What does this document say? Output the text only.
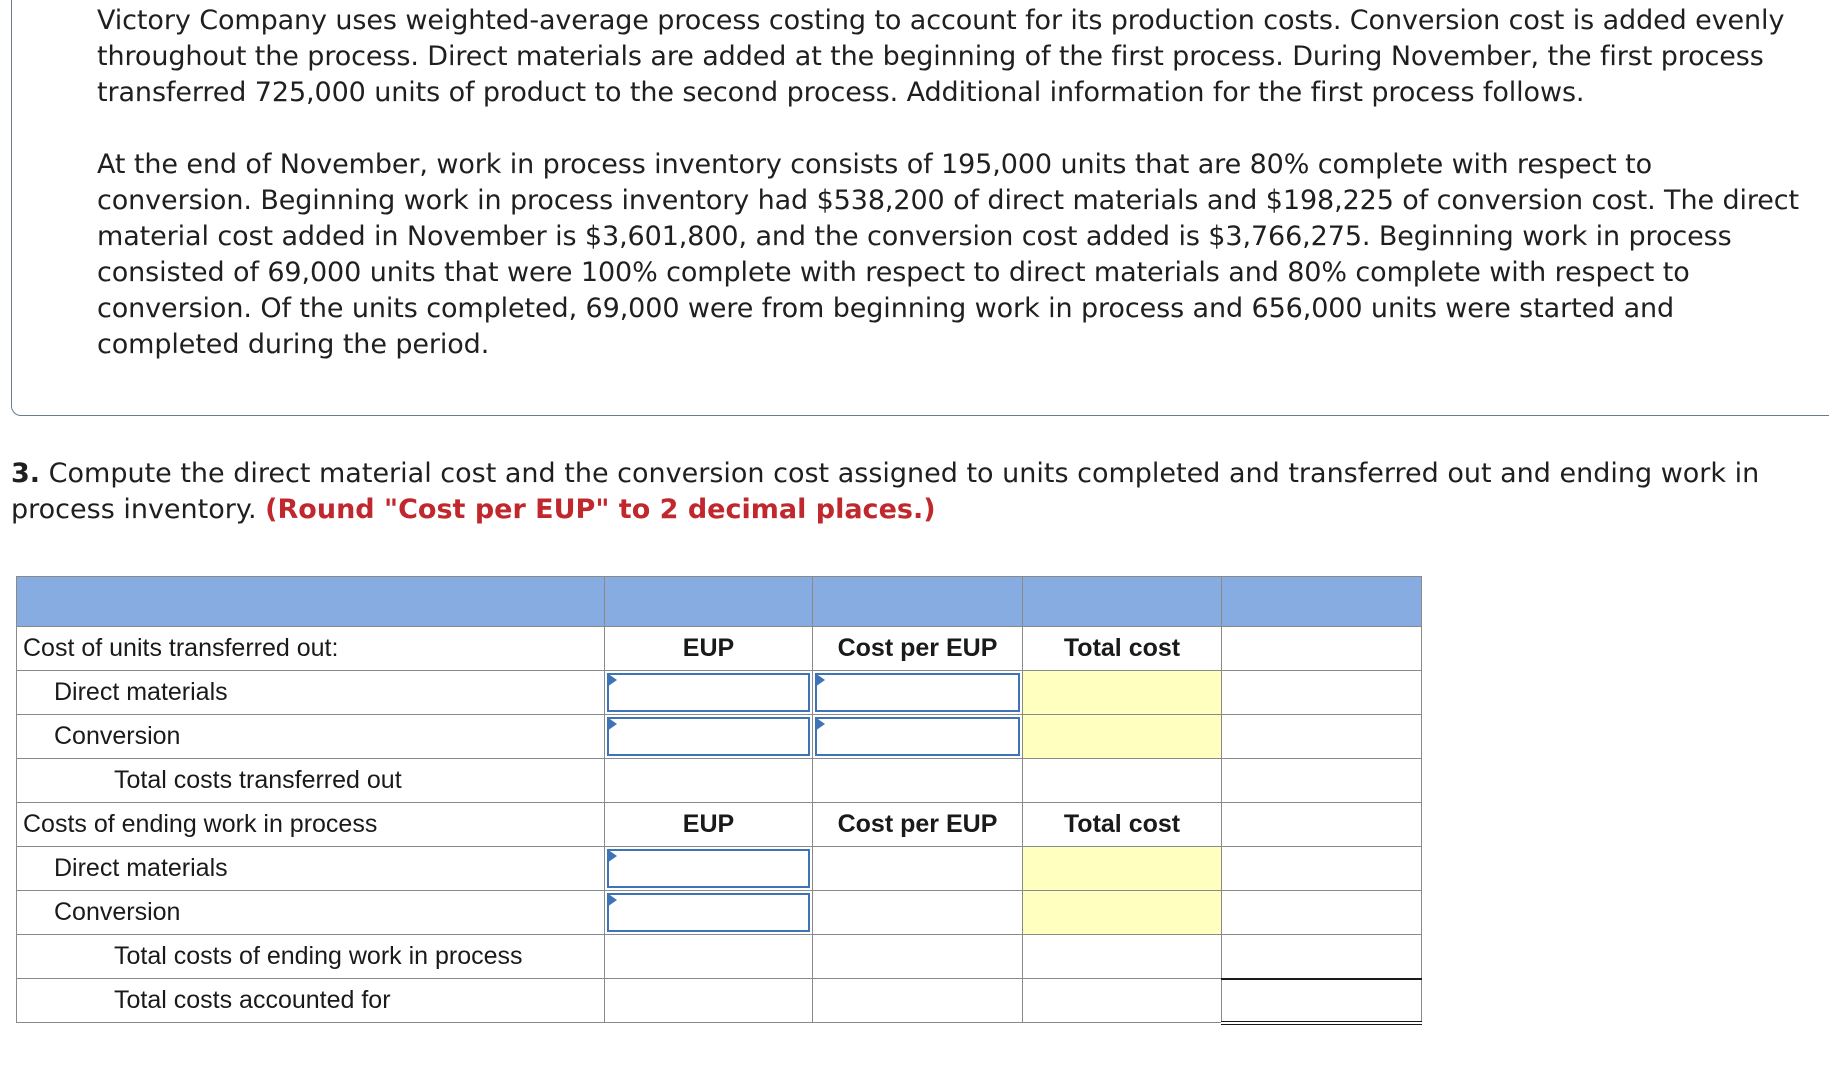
Victory Company uses weighted-average process costing to account for its production costs. Conversion cost is added evenly throughout the process. Direct materials are added at the beginning of the first process. During November, the first process transferred 725,000 units of product to the second process. Additional information for the first process follows.

At the end of November, work in process inventory consists of 195,000 units that are 80% complete with respect to conversion. Beginning work in process inventory had $538,200 of direct materials and $198,225 of conversion cost. The direct material cost added in November is $3,601,800, and the conversion cost added is $3,766,275. Beginning work in process consisted of 69,000 units that were 100% complete with respect to direct materials and 80% complete with respect to conversion. Of the units completed, 69,000 were from beginning work in process and 656,000 units were started and completed during the period.

3. Compute the direct material cost and the conversion cost assigned to units completed and transferred out and ending work in process inventory. (Round "Cost per EUP" to 2 decimal places.)

Cost of units transferred out:	EUP	Cost per EUP	Total cost	
Direct materials	

Conversion	

Total costs transferred out				
Costs of ending work in process	EUP	Cost per EUP	Total cost	
Direct materials	

Conversion	

Total costs of ending work in process				
Total costs accounted for				
